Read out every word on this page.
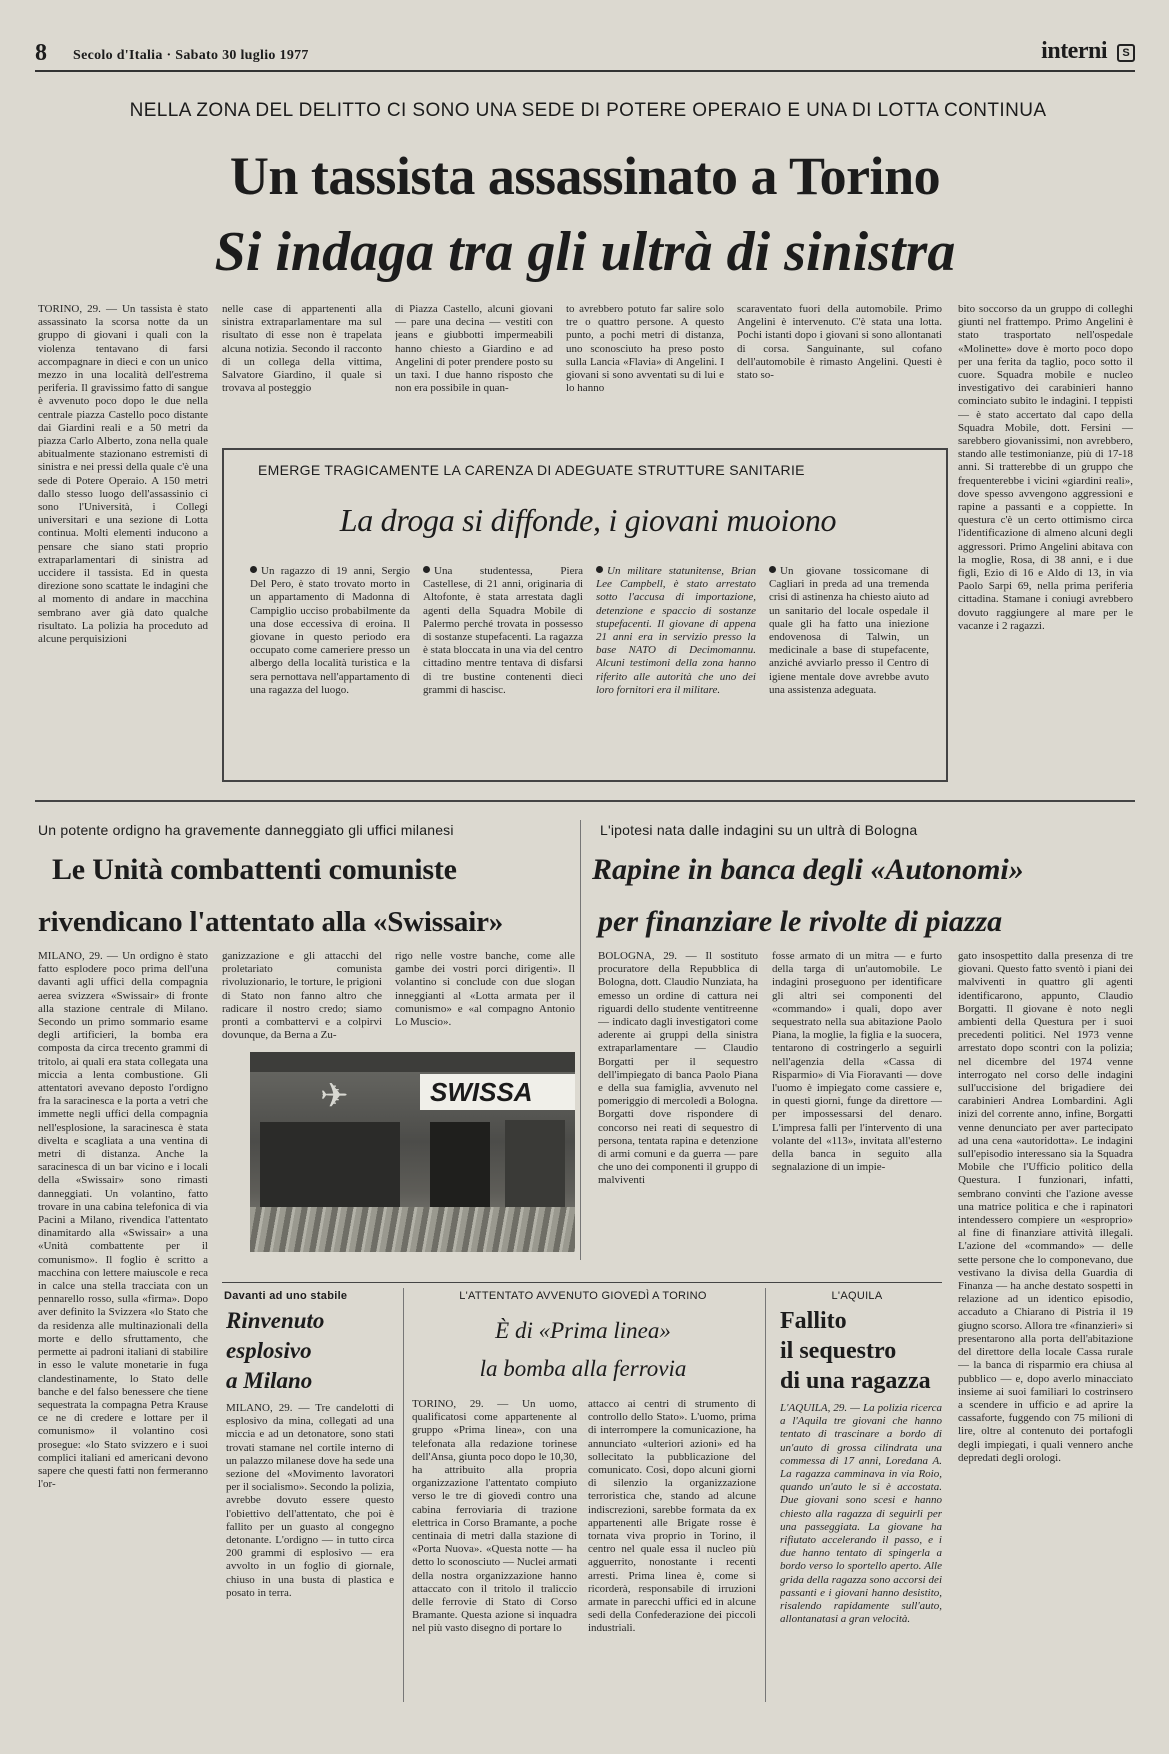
8 Secolo d'Italia · Sabato 30 luglio 1977	interni	S
NELLA ZONA DEL DELITTO CI SONO UNA SEDE DI POTERE OPERAIO E UNA DI LOTTA CONTINUA
Un tassista assassinato a Torino
Si indaga tra gli ultrà di sinistra
TORINO, 29. — Un tassista è stato assassinato la scorsa notte da un gruppo di giovani i quali con la violenza tentavano di farsi accompagnare in dieci e con un unico mezzo in una località dell'estrema periferia. Il gravissimo fatto di sangue è avvenuto poco dopo le due nella centrale piazza Castello poco distante dai Giardini reali e a 50 metri da piazza Carlo Alberto, zona nella quale abitualmente stazionano estremisti di sinistra e nei pressi della quale c'è una sede di Potere Operaio. A 150 metri dallo stesso luogo dell'assassinio ci sono l'Università, i Collegi universitari e una sezione di Lotta continua. Molti elementi inducono a pensare che siano stati proprio extraparlamentari di sinistra ad uccidere il tassista. Ed in questa direzione sono scattate le indagini che al momento di andare in macchina sembrano aver già dato qualche risultato. La polizia ha proceduto ad alcune perquisizioni
nelle case di appartenenti alla sinistra extraparlamentare ma sul risultato di esse non è trapelata alcuna notizia. Secondo il racconto di un collega della vittima, Salvatore Giardino, il quale si trovava al posteggio
di Piazza Castello, alcuni giovani — pare una decina — vestiti con jeans e giubbotti impermeabili hanno chiesto a Giardino e ad Angelini di poter prendere posto su un taxi. I due hanno risposto che non era possibile in quan-
to avrebbero potuto far salire solo tre o quattro persone. A questo punto, a pochi metri di distanza, uno sconosciuto ha preso posto sulla Lancia «Flavia» di Angelini. I giovani si sono avventati su di lui e lo hanno
scaraventato fuori della automobile. Primo Angelini è intervenuto. C'è stata una lotta. Pochi istanti dopo i giovani si sono allontanati di corsa. Sanguinante, sul cofano dell'automobile è rimasto Angelini. Questi è stato so-
bito soccorso da un gruppo di colleghi giunti nel frattempo. Primo Angelini è stato trasportato nell'ospedale «Molinette» dove è morto poco dopo per una ferita da taglio, poco sotto il cuore. Squadra mobile e nucleo investigativo dei carabinieri hanno cominciato subito le indagini. I teppisti — è stato accertato dal capo della Squadra Mobile, dott. Fersini — sarebbero giovanissimi, non avrebbero, stando alle testimonianze, più di 17-18 anni. Si tratterebbe di un gruppo che frequenterebbe i vicini «giardini reali», dove spesso avvengono aggressioni e rapine a passanti e a coppiette. In questura c'è un certo ottimismo circa l'identificazione di almeno alcuni degli aggressori. Primo Angelini abitava con la moglie, Rosa, di 38 anni, e i due figli, Ezio di 16 e Aldo di 13, in via Paolo Sarpi 69, nella prima periferia cittadina. Stamane i coniugi avrebbero dovuto raggiungere al mare per le vacanze i 2 ragazzi.
EMERGE TRAGICAMENTE LA CARENZA DI ADEGUATE STRUTTURE SANITARIE
La droga si diffonde, i giovani muoiono
Un ragazzo di 19 anni, Sergio Del Pero, è stato trovato morto in un appartamento di Madonna di Campiglio ucciso probabilmente da una dose eccessiva di eroina. Il giovane in questo periodo era occupato come cameriere presso un albergo della località turistica e la sera pernottava nell'appartamento di una ragazza del luogo.
Una studentessa, Piera Castellese, di 21 anni, originaria di Altofonte, è stata arrestata dagli agenti della Squadra Mobile di Palermo perché trovata in possesso di sostanze stupefacenti. La ragazza è stata bloccata in una via del centro cittadino mentre tentava di disfarsi di tre bustine contenenti dieci grammi di hascisc.
Un militare statunitense, Brian Lee Campbell, è stato arrestato sotto l'accusa di importazione, detenzione e spaccio di sostanze stupefacenti. Il giovane di appena 21 anni era in servizio presso la base NATO di Decimomannu. Alcuni testimoni della zona hanno riferito alle autorità che uno dei loro fornitori era il militare.
Un giovane tossicomane di Cagliari in preda ad una tremenda crisi di astinenza ha chiesto aiuto ad un sanitario del locale ospedale il quale gli ha fatto una iniezione endovenosa di Talwin, un medicinale a base di stupefacente, anziché avviarlo presso il Centro di igiene mentale dove avrebbe avuto una assistenza adeguata.
Un potente ordigno ha gravemente danneggiato gli uffici milanesi
Le Unità combattenti comuniste
rivendicano l'attentato alla «Swissair»
MILANO, 29. — Un ordigno è stato fatto esplodere poco prima dell'una davanti agli uffici della compagnia aerea svizzera «Swissair» di fronte alla stazione centrale di Milano. Secondo un primo sommario esame degli artificieri, la bomba era composta da circa trecento grammi di tritolo, ai quali era stata collegata una miccia a lenta combustione. Gli attentatori avevano deposto l'ordigno fra la saracinesca e la porta a vetri che immette negli uffici della compagnia nell'esplosione, la saracinesca è stata divelta e scagliata a una ventina di metri di distanza. Anche la saracinesca di un bar vicino e i locali della «Swissair» sono rimasti danneggiati. Un volantino, fatto trovare in una cabina telefonica di via Pacini a Milano, rivendica l'attentato dinamitardo alla «Swissair» a una «Unità combattente per il comunismo». Il foglio è scritto a macchina con lettere maiuscole e reca in calce una stella tracciata con un pennarello rosso, sulla «firma». Dopo aver definito la Svizzera «lo Stato che da residenza alle multinazionali della morte e dello sfruttamento, che permette ai padroni italiani di stabilire in esso le valute monetarie in fuga clandestinamente, lo Stato delle banche e del falso benessere che tiene sequestrata la compagna Petra Krause ce ne di credere e lottare per il comunismo» il volantino così prosegue: «lo Stato svizzero e i suoi complici italiani ed americani devono sapere che questi fatti non fermeranno l'or-
ganizzazione e gli attacchi del proletariato comunista rivoluzionario, le torture, le prigioni di Stato non fanno altro che radicare il nostro credo; siamo pronti a combattervi e a colpirvi dovunque, da Berna a Zu-
rigo nelle vostre banche, come alle gambe dei vostri porci dirigenti». Il volantino si conclude con due slogan inneggianti al «Lotta armata per il comunismo» e «al compagno Antonio Lo Muscio».
✈	SWISSA
L'ipotesi nata dalle indagini su un ultrà di Bologna
Rapine in banca degli «Autonomi»
per finanziare le rivolte di piazza
BOLOGNA, 29. — Il sostituto procuratore della Repubblica di Bologna, dott. Claudio Nunziata, ha emesso un ordine di cattura nei riguardi dello studente ventitreenne — indicato dagli investigatori come aderente ai gruppi della sinistra extraparlamentare — Claudio Borgatti per il sequestro dell'impiegato di banca Paolo Piana e della sua famiglia, avvenuto nel pomeriggio di mercoledì a Bologna. Borgatti dove rispondere di concorso nei reati di sequestro di persona, tentata rapina e detenzione di armi comuni e da guerra — pare che uno dei componenti il gruppo di malviventi
fosse armato di un mitra — e furto della targa di un'automobile. Le indagini proseguono per identificare gli altri sei componenti del «commando» i quali, dopo aver sequestrato nella sua abitazione Paolo Piana, la moglie, la figlia e la suocera, tentarono di costringerlo a seguirli nell'agenzia della «Cassa di Risparmio» di Via Fioravanti — dove l'uomo è impiegato come cassiere e, in questi giorni, funge da direttore — per impossessarsi del denaro. L'impresa fallì per l'intervento di una volante del «113», invitata all'esterno della banca in seguito alla segnalazione di un impie-
gato insospettito dalla presenza di tre giovani. Questo fatto sventò i piani dei malviventi in quattro gli agenti identificarono, appunto, Claudio Borgatti. Il giovane è noto negli ambienti della Questura per i suoi precedenti politici. Nel 1973 venne arrestato dopo scontri con la polizia; nel dicembre del 1974 venne interrogato nel corso delle indagini sull'uccisione del brigadiere dei carabinieri Andrea Lombardini. Agli inizi del corrente anno, infine, Borgatti venne denunciato per aver partecipato ad una cena «autoridotta». Le indagini sull'episodio interessano sia la Squadra Mobile che l'Ufficio politico della Questura. I funzionari, infatti, sembrano convinti che l'azione avesse una matrice politica e che i rapinatori intendessero compiere un «esproprio» al fine di finanziare attività illegali. L'azione del «commando» — delle sette persone che lo componevano, due vestivano la divisa della Guardia di Finanza — ha anche destato sospetti in relazione ad un identico episodio, accaduto a Chiarano di Pistria il 19 giugno scorso. Allora tre «finanzieri» si presentarono alla porta dell'abitazione del direttore della locale Cassa rurale — la banca di risparmio era chiusa al pubblico — e, dopo averlo minacciato insieme ai suoi familiari lo costrinsero a scendere in ufficio e ad aprire la cassaforte, fuggendo con 75 milioni di lire, oltre al contenuto dei portafogli degli impiegati, i quali vennero anche depredati degli orologi.
Davanti ad uno stabile
Rinvenuto
esplosivo
a Milano
MILANO, 29. — Tre candelotti di esplosivo da mina, collegati ad una miccia e ad un detonatore, sono stati trovati stamane nel cortile interno di un palazzo milanese dove ha sede una sezione del «Movimento lavoratori per il socialismo». Secondo la polizia, avrebbe dovuto essere questo l'obiettivo dell'attentato, che poi è fallito per un guasto al congegno detonante. L'ordigno — in tutto circa 200 grammi di esplosivo — era avvolto in un foglio di giornale, chiuso in una busta di plastica e posato in terra.
L'ATTENTATO AVVENUTO GIOVEDÌ A TORINO
È di «Prima linea»
la bomba alla ferrovia
TORINO, 29. — Un uomo, qualificatosi come appartenente al gruppo «Prima linea», con una telefonata alla redazione torinese dell'Ansa, giunta poco dopo le 10,30, ha attribuito alla propria organizzazione l'attentato compiuto verso le tre di giovedì contro una cabina ferroviaria di trazione elettrica in Corso Bramante, a poche centinaia di metri dalla stazione di «Porta Nuova». «Questa notte — ha detto lo sconosciuto — Nuclei armati della nostra organizzazione hanno attaccato con il tritolo il traliccio delle ferrovie di Stato di Corso Bramante. Questa azione si inquadra nel più vasto disegno di portare lo
attacco ai centri di strumento di controllo dello Stato». L'uomo, prima di interrompere la comunicazione, ha annunciato «ulteriori azioni» ed ha sollecitato la pubblicazione del comunicato. Così, dopo alcuni giorni di silenzio la organizzazione terroristica che, stando ad alcune indiscrezioni, sarebbe formata da ex appartenenti alle Brigate rosse è tornata viva proprio in Torino, il centro nel quale essa il nucleo più agguerrito, nonostante i recenti arresti. Prima linea è, come si ricorderà, responsabile di irruzioni armate in parecchi uffici ed in alcune sedi della Confederazione dei piccoli industriali.
L'AQUILA
Fallito
il sequestro
di una ragazza
L'AQUILA, 29. — La polizia ricerca a l'Aquila tre giovani che hanno tentato di trascinare a bordo di un'auto di grossa cilindrata una commessa di 17 anni, Loredana A. La ragazza camminava in via Roio, quando un'auto le si è accostata. Due giovani sono scesi e hanno chiesto alla ragazza di seguirli per una passeggiata. La giovane ha rifiutato accelerando il passo, e i due hanno tentato di spingerla a bordo verso lo sportello aperto. Alle grida della ragazza sono accorsi dei passanti e i giovani hanno desistito, risalendo rapidamente sull'auto, allontanatasi a gran velocità.
